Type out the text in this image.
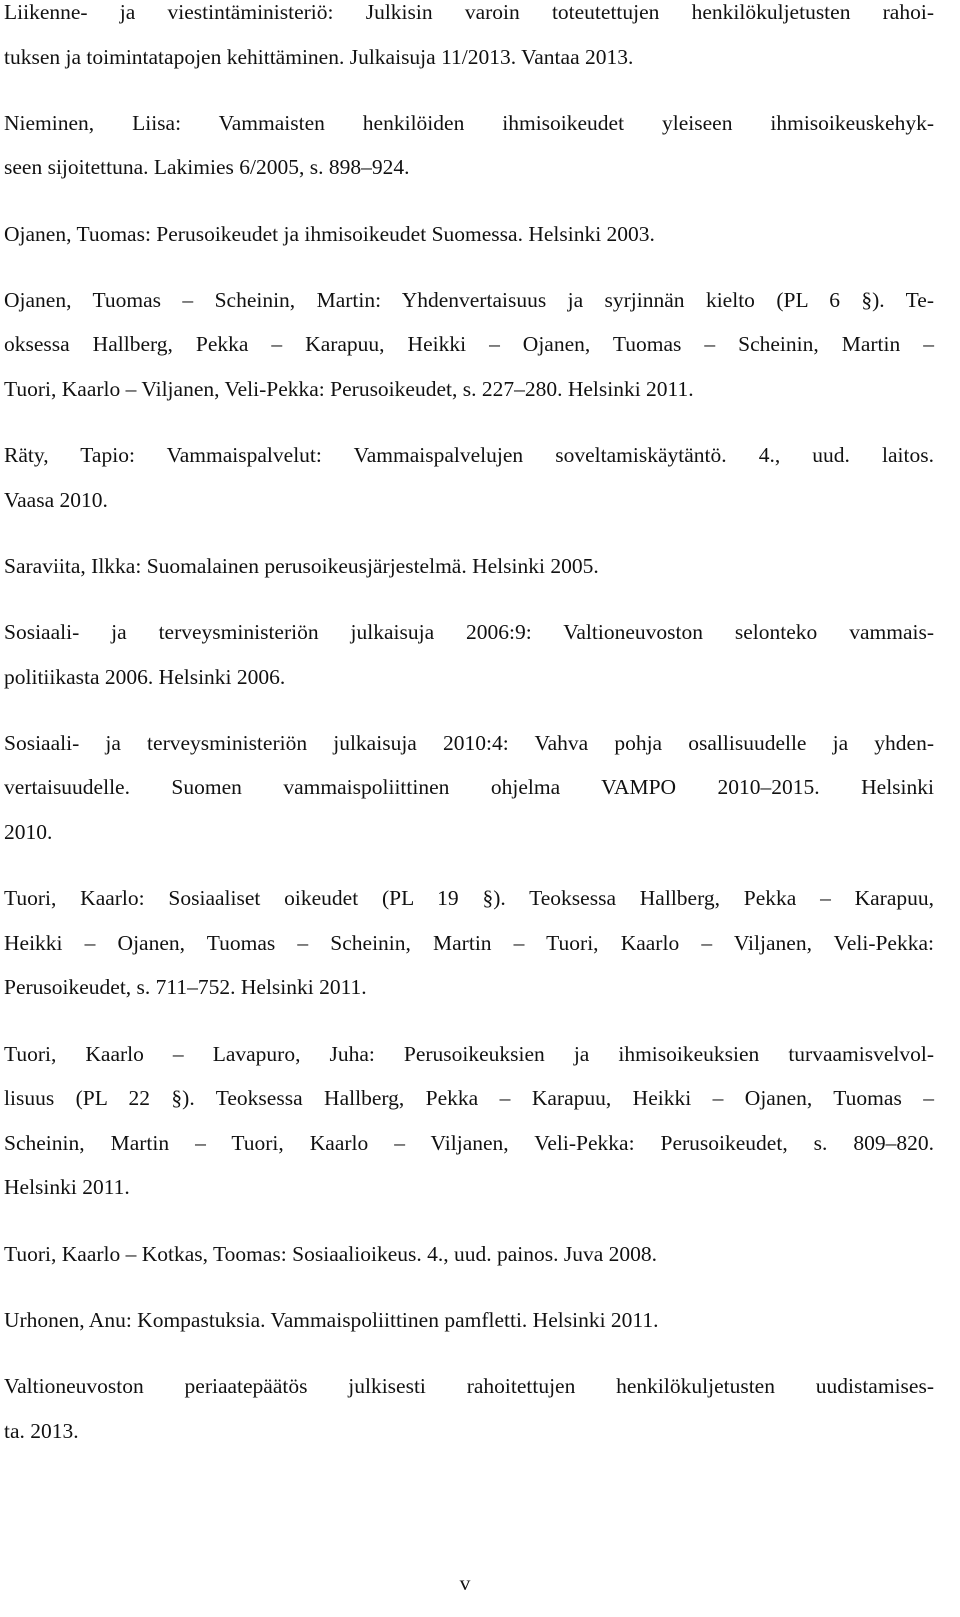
Liikenne- ja viestintäministeriö: Julkisin varoin toteutettujen henkilökuljetusten rahoi-
tuksen ja toimintatapojen kehittäminen. Julkaisuja 11/2013. Vantaa 2013.
Nieminen, Liisa: Vammaisten henkilöiden ihmisoikeudet yleiseen ihmisoikeuskehyk-
seen sijoitettuna. Lakimies 6/2005, s. 898–924.
Ojanen, Tuomas: Perusoikeudet ja ihmisoikeudet Suomessa. Helsinki 2003.
Ojanen, Tuomas – Scheinin, Martin: Yhdenvertaisuus ja syrjinnän kielto (PL 6 §). Te-
oksessa Hallberg, Pekka – Karapuu, Heikki – Ojanen, Tuomas – Scheinin, Martin –
Tuori, Kaarlo – Viljanen, Veli-Pekka: Perusoikeudet, s. 227–280. Helsinki 2011.
Räty, Tapio: Vammaispalvelut: Vammaispalvelujen soveltamiskäytäntö. 4., uud. laitos.
Vaasa 2010.
Saraviita, Ilkka: Suomalainen perusoikeusjärjestelmä. Helsinki 2005.
Sosiaali- ja terveysministeriön julkaisuja 2006:9: Valtioneuvoston selonteko vammais-
politiikasta 2006. Helsinki 2006.
Sosiaali- ja terveysministeriön julkaisuja 2010:4: Vahva pohja osallisuudelle ja yhden-
vertaisuudelle. Suomen vammaispoliittinen ohjelma VAMPO 2010–2015. Helsinki
2010.
Tuori, Kaarlo: Sosiaaliset oikeudet (PL 19 §). Teoksessa Hallberg, Pekka – Karapuu,
Heikki – Ojanen, Tuomas – Scheinin, Martin – Tuori, Kaarlo – Viljanen, Veli-Pekka:
Perusoikeudet, s. 711–752. Helsinki 2011.
Tuori, Kaarlo – Lavapuro, Juha: Perusoikeuksien ja ihmisoikeuksien turvaamisvelvol-
lisuus (PL 22 §). Teoksessa Hallberg, Pekka – Karapuu, Heikki – Ojanen, Tuomas –
Scheinin, Martin – Tuori, Kaarlo – Viljanen, Veli-Pekka: Perusoikeudet, s. 809–820.
Helsinki 2011.
Tuori, Kaarlo – Kotkas, Toomas: Sosiaalioikeus. 4., uud. painos. Juva 2008.
Urhonen, Anu: Kompastuksia. Vammaispoliittinen pamfletti. Helsinki 2011.
Valtioneuvoston periaatepäätös julkisesti rahoitettujen henkilökuljetusten uudistamises-
ta. 2013.
v
